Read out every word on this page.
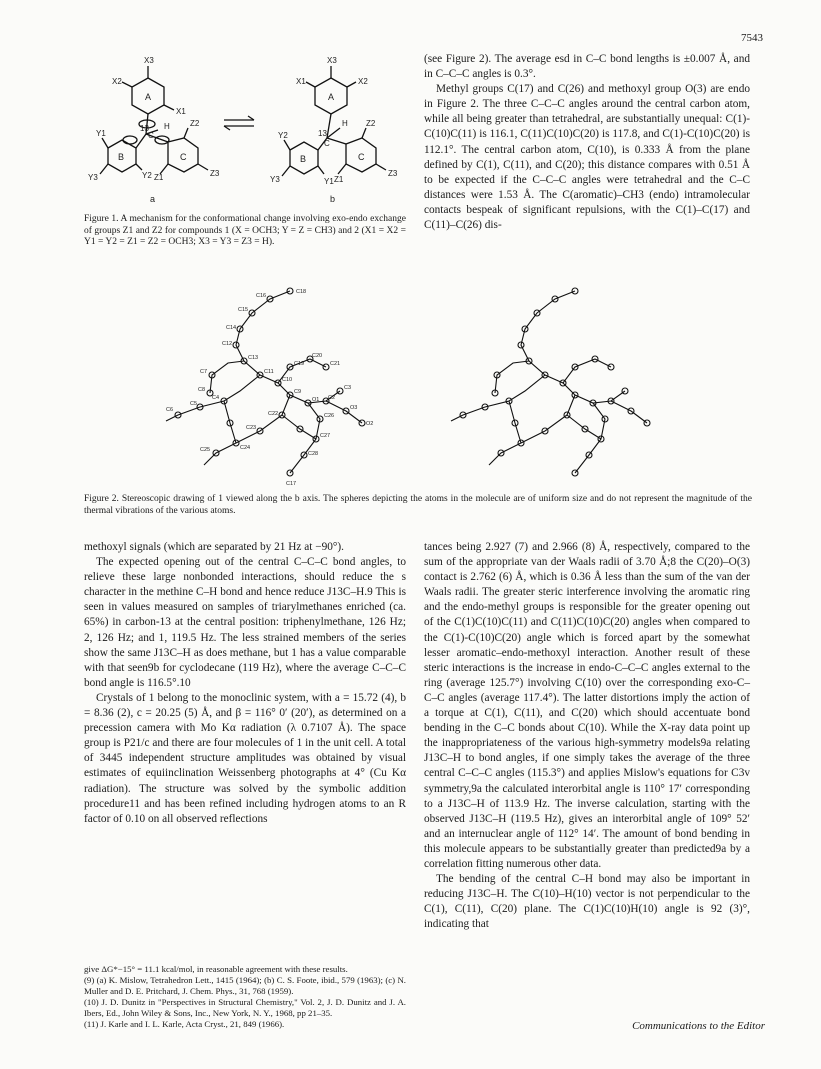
7543
X3
X2
X1
A
Y1
H	Z2
13
C
B	C
Y3	Y2 Z1	Z3
a
X3
X1	X2
A
Y2	13
C
H Z2
B	C
Y3	Y1 Z1
Z3
b
Figure 1. A mechanism for the conformational change involving exo-endo exchange of groups Z1 and Z2 for compounds 1 (X = OCH3; Y = Z = CH3) and 2 (X1 = X2 = Y1 = Y2 = Z1 = Z2 = OCH3; X3 = Y3 = Z3 = H).

(see Figure 2). The average esd in C–C bond lengths is ±0.007 Å, and in C–C–C angles is 0.3°.

Methyl groups C(17) and C(26) and methoxyl group O(3) are endo in Figure 2. The three C–C–C angles around the central carbon atom, while all being greater than tetrahedral, are substantially unequal: C(1)-C(10)C(11) is 116.1, C(11)C(10)C(20) is 117.8, and C(1)-C(10)C(20) is 112.1°. The central carbon atom, C(10), is 0.333 Å from the plane defined by C(1), C(11), and C(20); this distance compares with 0.51 Å to be expected if the C–C–C angles were tetrahedral and the C–C distances were 1.53 Å. The C(aromatic)–CH3 (endo) intramolecular contacts bespeak of significant repulsions, with the C(1)–C(17) and C(11)–C(26) dis-

C18
C16
C15
C14
C12
C13
C11
C10
C9
O1 C2
C3
C4
C5
C6
C7
C8
C19
C20
C21
C22
C23
C24
C25
C26
C27
C28
C17
O3
O2
Figure 2. Stereoscopic drawing of 1 viewed along the b axis. The spheres depicting the atoms in the molecule are of uniform size and do not represent the magnitude of the thermal vibrations of the various atoms.

methoxyl signals (which are separated by 21 Hz at −90°).

The expected opening out of the central C–C–C bond angles, to relieve these large nonbonded interactions, should reduce the s character in the methine C–H bond and hence reduce J13C–H.9 This is seen in values measured on samples of triarylmethanes enriched (ca. 65%) in carbon-13 at the central position: triphenylmethane, 126 Hz; 2, 126 Hz; and 1, 119.5 Hz. The less strained members of the series show the same J13C–H as does methane, but 1 has a value comparable with that seen9b for cyclodecane (119 Hz), where the average C–C–C bond angle is 116.5°.10

Crystals of 1 belong to the monoclinic system, with a = 15.72 (4), b = 8.36 (2), c = 20.25 (5) Å, and β = 116° 0′ (20′), as determined on a precession camera with Mo Kα radiation (λ 0.7107 Å). The space group is P21/c and there are four molecules of 1 in the unit cell. A total of 3445 independent structure amplitudes was obtained by visual estimates of equiinclination Weissenberg photographs at 4° (Cu Kα radiation). The structure was solved by the symbolic addition procedure11 and has been refined including hydrogen atoms to an R factor of 0.10 on all observed reflections

give ΔG*−15° = 11.1 kcal/mol, in reasonable agreement with these results.
(9) (a) K. Mislow, Tetrahedron Lett., 1415 (1964); (b) C. S. Foote, ibid., 579 (1963); (c) N. Muller and D. E. Pritchard, J. Chem. Phys., 31, 768 (1959).
(10) J. D. Dunitz in "Perspectives in Structural Chemistry," Vol. 2, J. D. Dunitz and J. A. Ibers, Ed., John Wiley & Sons, Inc., New York, N. Y., 1968, pp 21–35.
(11) J. Karle and I. L. Karle, Acta Cryst., 21, 849 (1966).

tances being 2.927 (7) and 2.966 (8) Å, respectively, compared to the sum of the appropriate van der Waals radii of 3.70 Å;8 the C(20)–O(3) contact is 2.762 (6) Å, which is 0.36 Å less than the sum of the van der Waals radii. The greater steric interference involving the aromatic ring and the endo-methyl groups is responsible for the greater opening out of the C(1)C(10)C(11) and C(11)C(10)C(20) angles when compared to the C(1)-C(10)C(20) angle which is forced apart by the somewhat lesser aromatic–endo-methoxyl interaction. Another result of these steric interactions is the increase in endo-C–C–C angles external to the ring (average 125.7°) involving C(10) over the corresponding exo-C–C–C angles (average 117.4°). The latter distortions imply the action of a torque at C(1), C(11), and C(20) which should accentuate bond bending in the C–C bonds about C(10). While the X-ray data point up the inappropriateness of the various high-symmetry models9a relating J13C–H to bond angles, if one simply takes the average of the three central C–C–C angles (115.3°) and applies Mislow's equations for C3v symmetry,9a the calculated interorbital angle is 110° 17′ corresponding to a J13C–H of 113.9 Hz. The inverse calculation, starting with the observed J13C–H (119.5 Hz), gives an interorbital angle of 109° 52′ and an internuclear angle of 112° 14′. The amount of bond bending in this molecule appears to be substantially greater than predicted9a by a correlation fitting numerous other data.

The bending of the central C–H bond may also be important in reducing J13C–H. The C(10)–H(10) vector is not perpendicular to the C(1), C(11), C(20) plane. The C(1)C(10)H(10) angle is 92 (3)°, indicating that

Communications to the Editor
